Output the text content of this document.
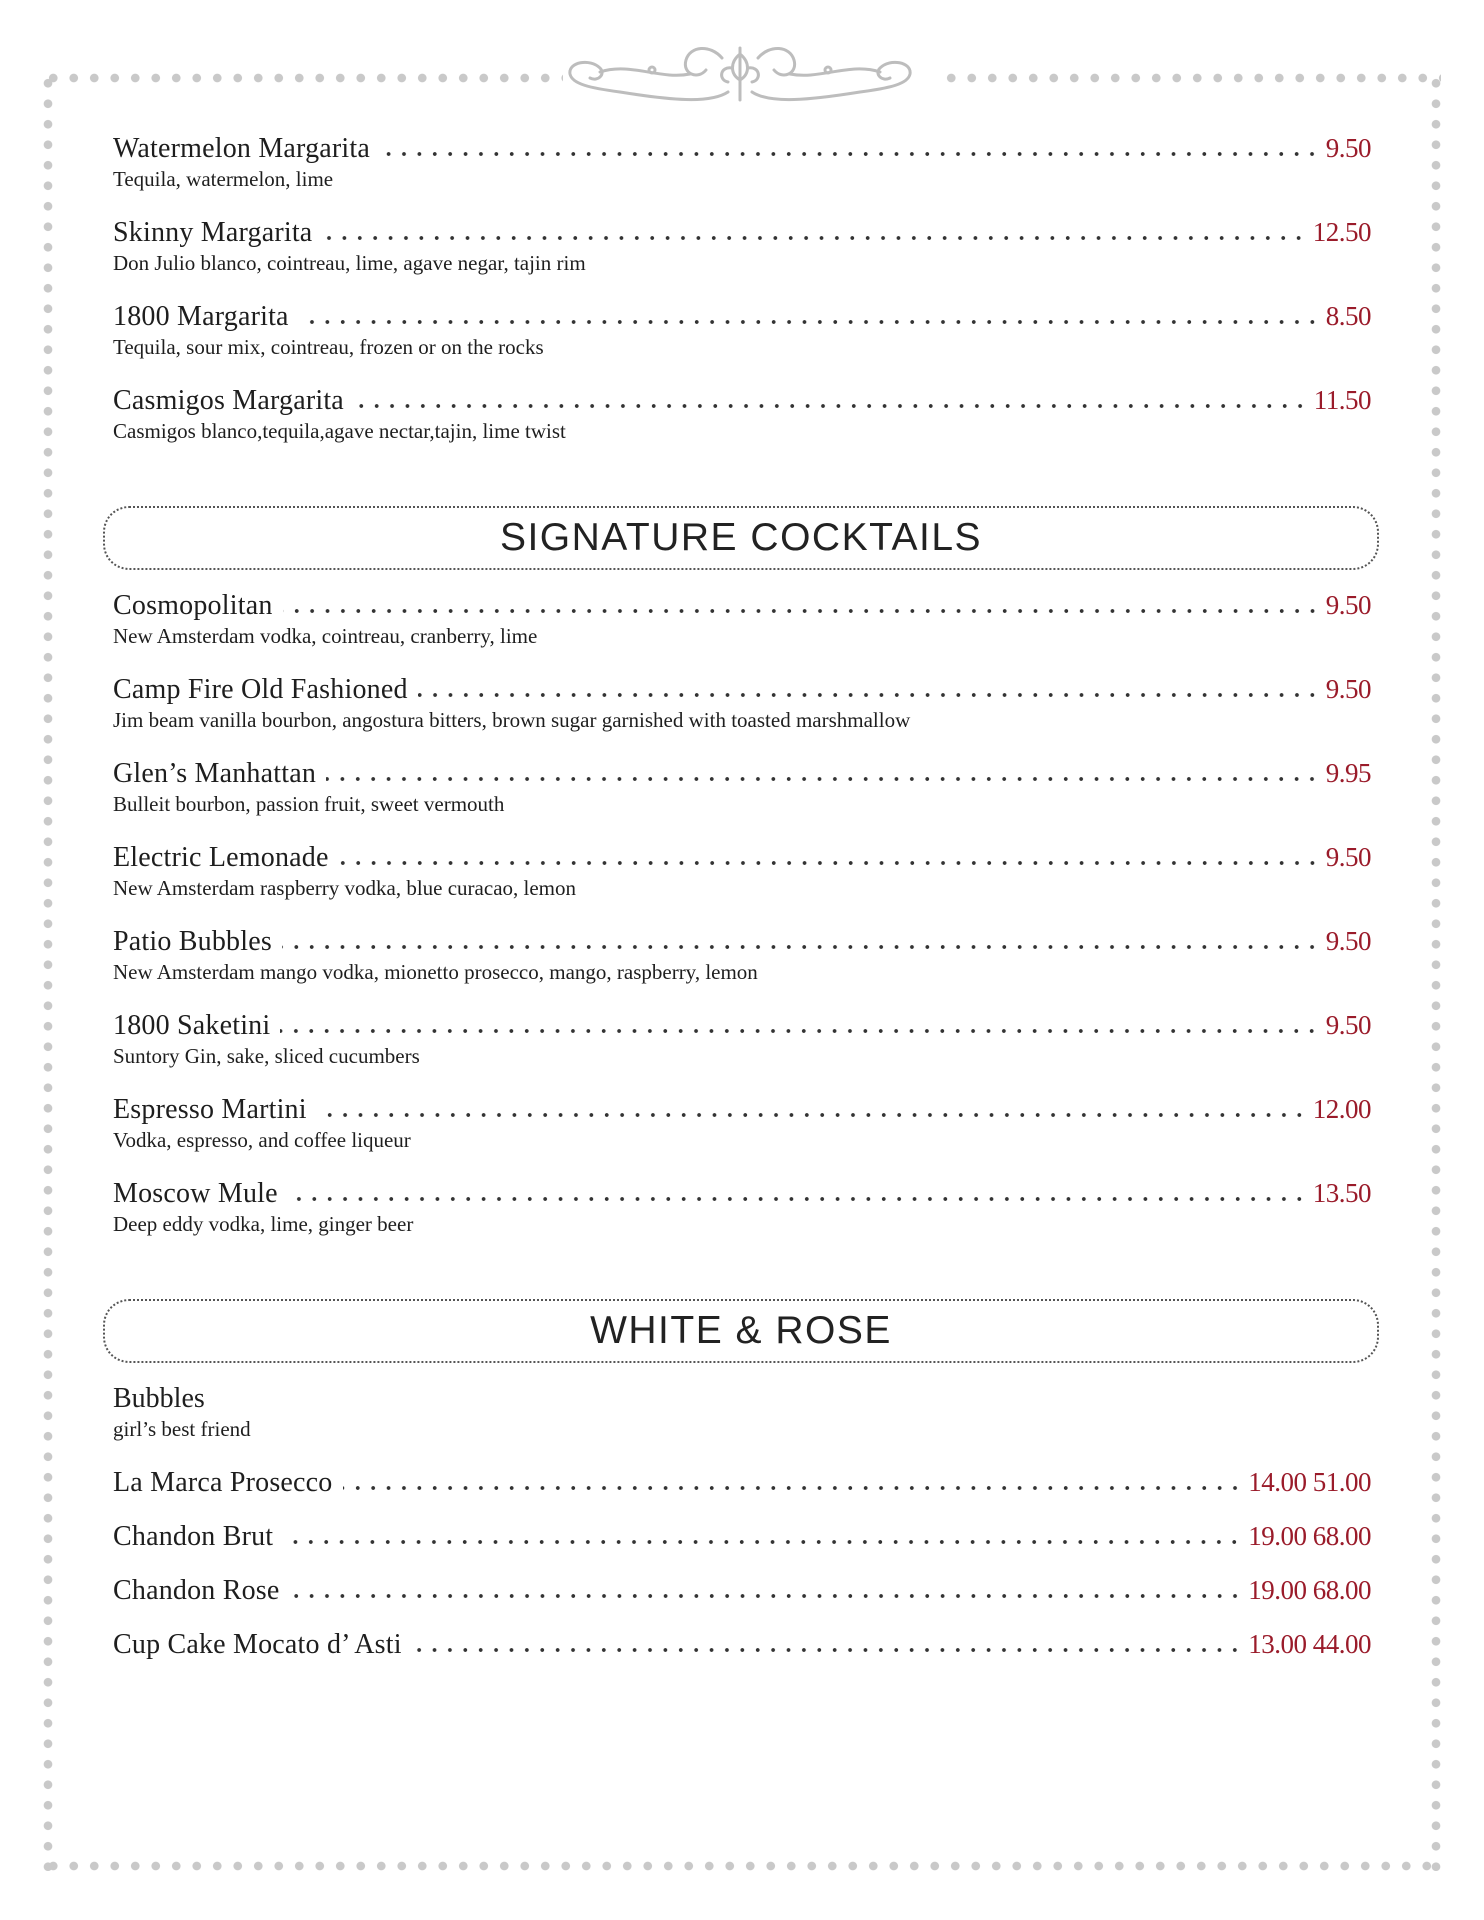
Watermelon Margarita	9.50
Tequila, watermelon, lime
Skinny Margarita	12.50
Don Julio blanco, cointreau, lime, agave negar, tajin rim
1800 Margarita	8.50
Tequila, sour mix, cointreau, frozen or on the rocks
Casmigos Margarita	11.50
Casmigos blanco,tequila,agave nectar,tajin, lime twist
SIGNATURE COCKTAILS
Cosmopolitan	9.50
New Amsterdam vodka, cointreau, cranberry, lime
Camp Fire Old Fashioned	9.50
Jim beam vanilla bourbon, angostura bitters, brown sugar garnished with toasted marshmallow
Glen’s Manhattan	9.95
Bulleit bourbon, passion fruit, sweet vermouth
Electric Lemonade	9.50
New Amsterdam raspberry vodka, blue curacao, lemon
Patio Bubbles	9.50
New Amsterdam mango vodka, mionetto prosecco, mango, raspberry, lemon
1800 Saketini	9.50
Suntory Gin, sake, sliced cucumbers
Espresso Martini	12.00
Vodka, espresso, and coffee liqueur
Moscow Mule	13.50
Deep eddy vodka, lime, ginger beer
WHITE & ROSE
Bubbles
girl’s best friend
La Marca Prosecco	14.00 51.00
Chandon Brut	19.00 68.00
Chandon Rose	19.00 68.00
Cup Cake Mocato d’ Asti	13.00 44.00
